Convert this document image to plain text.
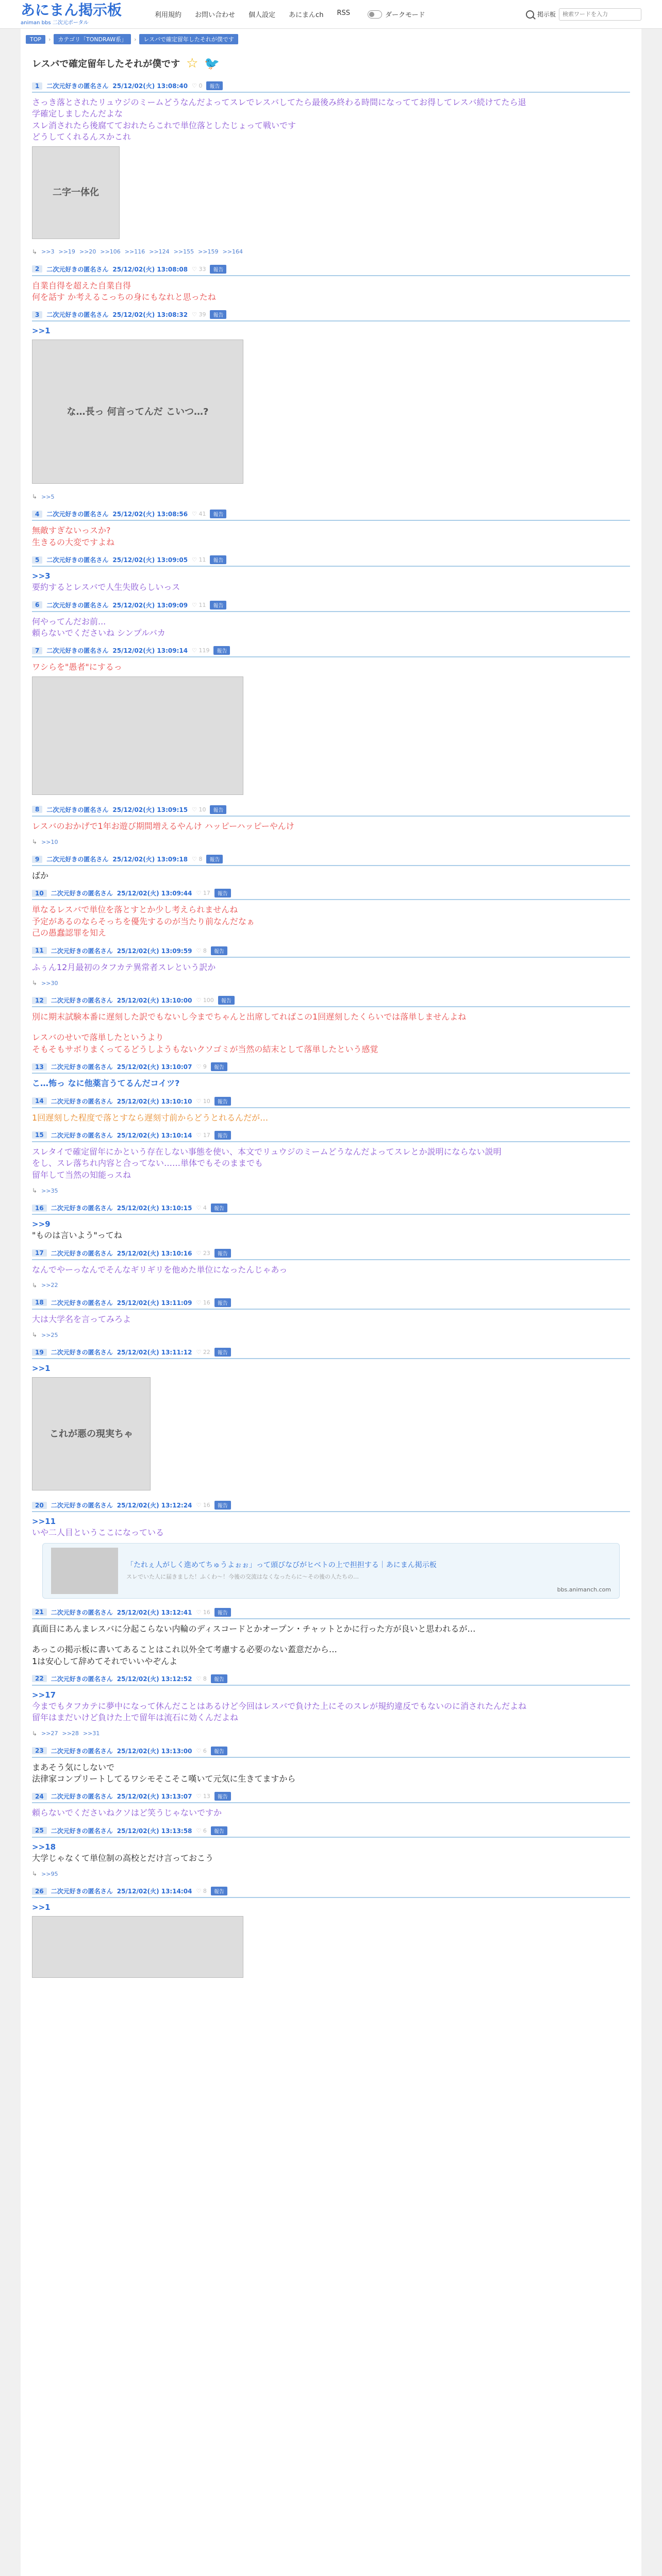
あにまん掲示板
animan bbs 二次元ポータル
利用規約 お問い合わせ 個人設定 あにまんch RSS	ダークモード	掲示板
検索ワードを入力
TOP	›	カテゴリ「TONDRAW系」	›	レスバで確定留年したそれが僕です
レスバで確定留年したそれが僕です ☆ 🐦
1	二次元好きの匿名さん 25/12/02(火) 13:08:40 ♡ 0	報告
さっき落とされたリュウジのミームどうなんだよってスレでレスバしてたら最後み終わる時間になっててお得してレスバ続けてたら退
学確定しましたんだよな
スレ消されたら後腐てておれたらこれで単位落としたじょって戦いです
どうしてくれるんスかこれ
二字一体化
↳ >>3 >>19 >>20 >>106 >>116 >>124 >>155 >>159 >>164
2	二次元好きの匿名さん 25/12/02(火) 13:08:08 ♡ 33	報告
自業自得を超えた自業自得
何を話す か考えるこっちの身にもなれと思ったね
3	二次元好きの匿名さん 25/12/02(火) 13:08:32 ♡ 39	報告
>>1
な…長っ 何言ってんだ こいつ…?
↳ >>5
4	二次元好きの匿名さん 25/12/02(火) 13:08:56 ♡ 41	報告
無敵すぎないっスか?
生きるの大変ですよね
5	二次元好きの匿名さん 25/12/02(火) 13:09:05 ♡ 11	報告
>>3
要約するとレスバで人生失敗らしいっス
6	二次元好きの匿名さん 25/12/02(火) 13:09:09 ♡ 11	報告
何やってんだお前...
頼らないでくださいね シンプルバカ
7	二次元好きの匿名さん 25/12/02(火) 13:09:14 ♡ 119	報告
ワシらを"愚者"にするっ
8	二次元好きの匿名さん 25/12/02(火) 13:09:15 ♡ 10	報告
レスバのおかげで1年お遊び期間増えるやんけ ハッピーハッピーやんけ
↳ >>10
9	二次元好きの匿名さん 25/12/02(火) 13:09:18 ♡ 8	報告
ばか
10	二次元好きの匿名さん 25/12/02(火) 13:09:44 ♡ 17	報告
単なるレスバで単位を落とすとか少し考えられませんね
予定があるのならそっちを優先するのが当たり前なんだなぁ
己の愚蠢認罪を知え
11	二次元好きの匿名さん 25/12/02(火) 13:09:59 ♡ 8	報告
ふぅん12月最初のタフカテ異常者スレという訳か
↳ >>30
12	二次元好きの匿名さん 25/12/02(火) 13:10:00 ♡ 100	報告
別に期末試験本番に遅刻した訳でもないし今までちゃんと出席してればこの1回遅刻したくらいでは落単しませんよね
レスバのせいで落単したというより
そもそもサボりまくってるどうしようもないクソゴミが当然の結末として落単したという感覚
13	二次元好きの匿名さん 25/12/02(火) 13:10:07 ♡ 9	報告
こ…怖っ なに他薬言うてるんだコイツ?
14	二次元好きの匿名さん 25/12/02(火) 13:10:10 ♡ 10	報告
1回遅刻した程度で落とすなら遅刻寸前からどうとれるんだが…
15	二次元好きの匿名さん 25/12/02(火) 13:10:14 ♡ 17	報告
スレタイで確定留年にかという存在しない事態を使い、本文でリュウジのミームどうなんだよってスレとか説明にならない説明
をし、スレ落ちれ内容と合ってない……単体でもそのままでも
留年して当然の知能っスね
↳ >>35
16	二次元好きの匿名さん 25/12/02(火) 13:10:15 ♡ 4	報告
>>9
"ものは言いよう"ってね
17	二次元好きの匿名さん 25/12/02(火) 13:10:16 ♡ 23	報告
なんでやーっなんでそんなギリギリを他めた単位になったんじゃあっ
↳ >>22
18	二次元好きの匿名さん 25/12/02(火) 13:11:09 ♡ 16	報告
大は大学名を言ってみろよ
↳ >>25
19	二次元好きの匿名さん 25/12/02(火) 13:11:12 ♡ 22	報告
>>1
これが悪の現実ちゃ
20	二次元好きの匿名さん 25/12/02(火) 13:12:24 ♡ 16	報告
>>11
いや二人目というここになっている
「たれぇ人がしく進めてちゅうよぉぉ」って頭びなびがヒベトの上で担担する｜あにまん掲示板
スレでいた人に届きました！ふくわ～！今後の交流はなくなったらに～その後の人たちの…
bbs.animanch.com
21	二次元好きの匿名さん 25/12/02(火) 13:12:41 ♡ 16	報告
真面目にあんまレスバに分起こらない内輪のディスコードとかオープン・チャットとかに行った方が良いと思われるが…
あっこの掲示板に書いてあることはこれ以外全て考慮する必要のない蓋意だから…
1は安心して辞めてそれでいいやぞんよ
22	二次元好きの匿名さん 25/12/02(火) 13:12:52 ♡ 8	報告
>>17
今までもタフカテに夢中になって休んだことはあるけど今回はレスバで負けた上にそのスレが規約違反でもないのに消されたんだよね
留年はまだいけど負けた上で留年は流石に効くんだよね
↳ >>27 >>28 >>31
23	二次元好きの匿名さん 25/12/02(火) 13:13:00 ♡ 6	報告
まあそう気にしないで
法律家コンプリートしてるワシモそこそこ嘆いて元気に生きてますから
24	二次元好きの匿名さん 25/12/02(火) 13:13:07 ♡ 13	報告
頼らないでくださいねクソはど笑うじゃないですか
25	二次元好きの匿名さん 25/12/02(火) 13:13:58 ♡ 6	報告
>>18
大学じゃなくて単位制の高校とだけ言っておこう
↳ >>95
26	二次元好きの匿名さん 25/12/02(火) 13:14:04 ♡ 8	報告
>>1
